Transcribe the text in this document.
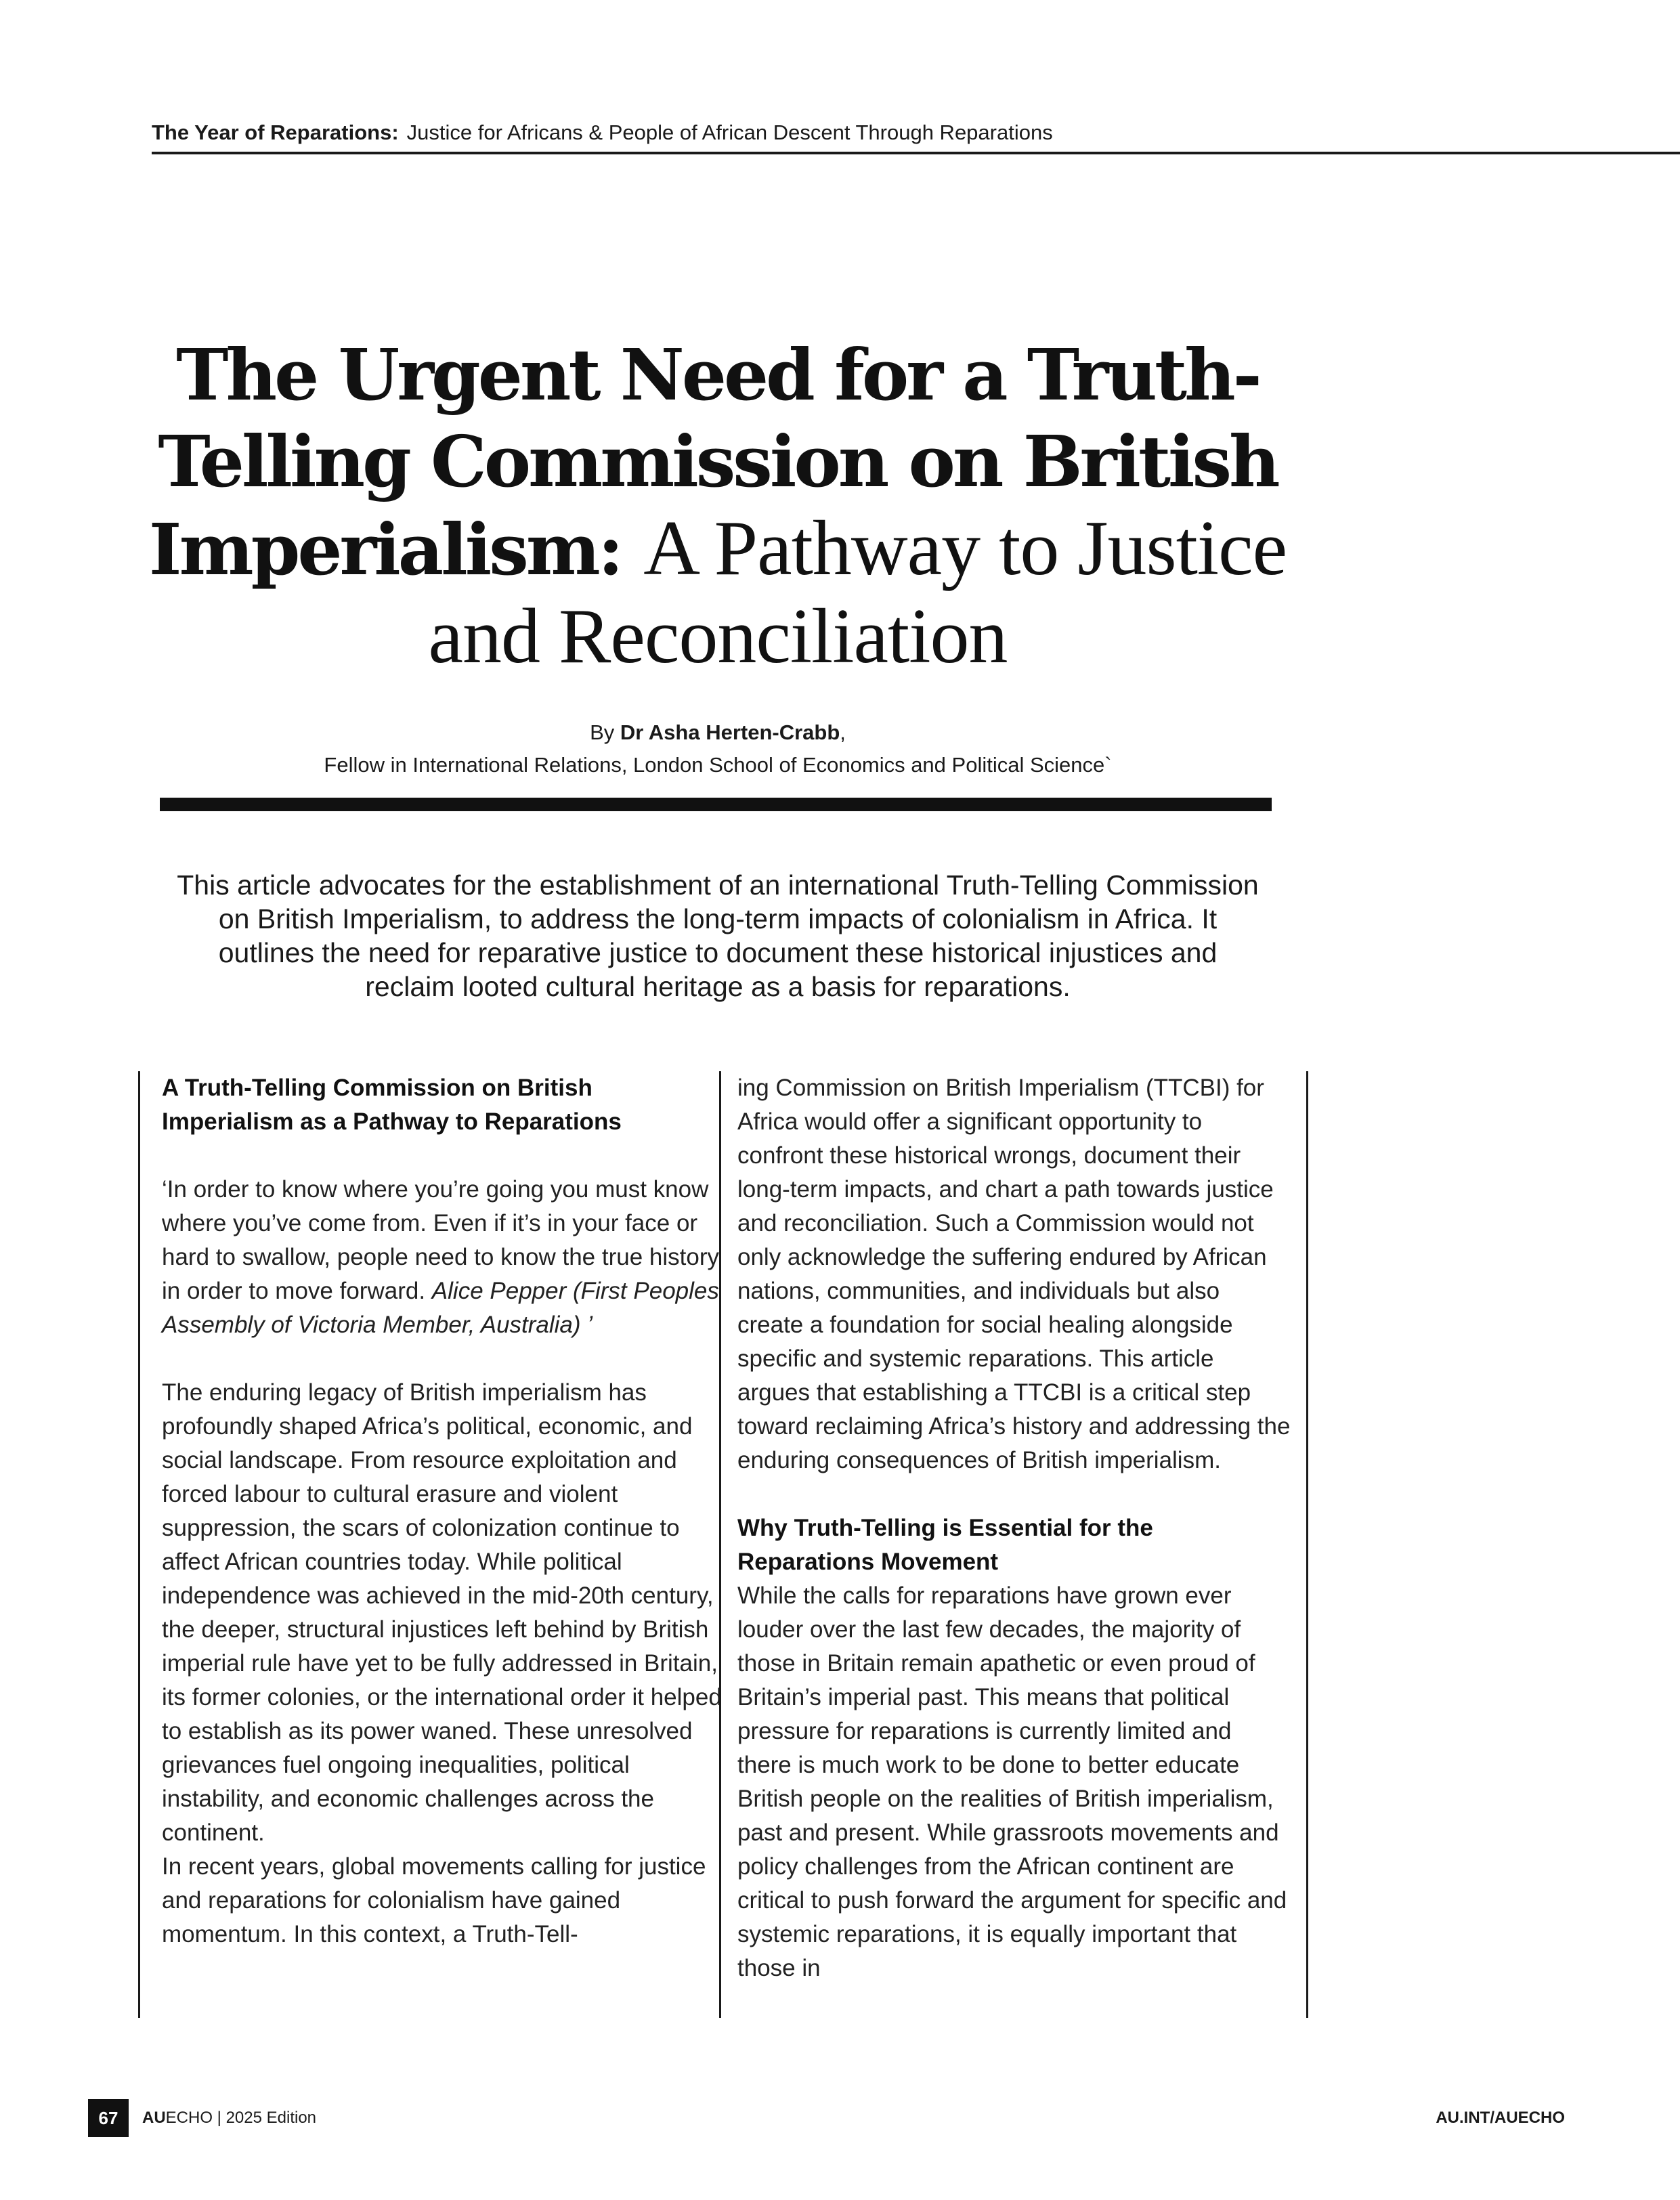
The Year of Reparations: Justice for Africans & People of African Descent Through Reparations
The Urgent Need for a Truth-Telling Commission on British Imperialism: A Pathway to Justice and Reconciliation
By Dr Asha Herten-Crabb,
Fellow in International Relations, London School of Economics and Political Science`
This article advocates for the establishment of an international Truth-Telling Commission on British Imperialism, to address the long-term impacts of colonialism in Africa. It outlines the need for reparative justice to document these historical injustices and reclaim looted cultural heritage as a basis for reparations.
A Truth-Telling Commission on British Imperialism as a Pathway to Reparations

‘In order to know where you’re going you must know where you’ve come from. Even if it’s in your face or hard to swallow, people need to know the true history in order to move forward. Alice Pepper (First Peoples Assembly of Victoria Member, Australia) ’

The enduring legacy of British imperialism has profoundly shaped Africa’s political, economic, and social landscape. From resource exploitation and forced labour to cultural erasure and violent suppression, the scars of colonization continue to affect African countries today. While political independence was achieved in the mid-20th century, the deeper, structural injustices left behind by British imperial rule have yet to be fully addressed in Britain, its former colonies, or the international order it helped to establish as its power waned. These unresolved grievances fuel ongoing inequalities, political instability, and economic challenges across the continent.

In recent years, global movements calling for justice and reparations for colonialism have gained momentum. In this context, a Truth-Tell-

ing Commission on British Imperialism (TTCBI) for Africa would offer a significant opportunity to confront these historical wrongs, document their long-term impacts, and chart a path towards justice and reconciliation. Such a Commission would not only acknowledge the suffering endured by African nations, communities, and individuals but also create a foundation for social healing alongside specific and systemic reparations. This article argues that establishing a TTCBI is a critical step toward reclaiming Africa’s history and addressing the enduring consequences of British imperialism.

Why Truth-Telling is Essential for the Reparations Movement

While the calls for reparations have grown ever louder over the last few decades, the majority of those in Britain remain apathetic or even proud of Britain’s imperial past. This means that political pressure for reparations is currently limited and there is much work to be done to better educate British people on the realities of British imperialism, past and present. While grassroots movements and policy challenges from the African continent are critical to push forward the argument for specific and systemic reparations, it is equally important that those in

67	AUECHO | 2025 Edition	AU.INT/AUECHO
